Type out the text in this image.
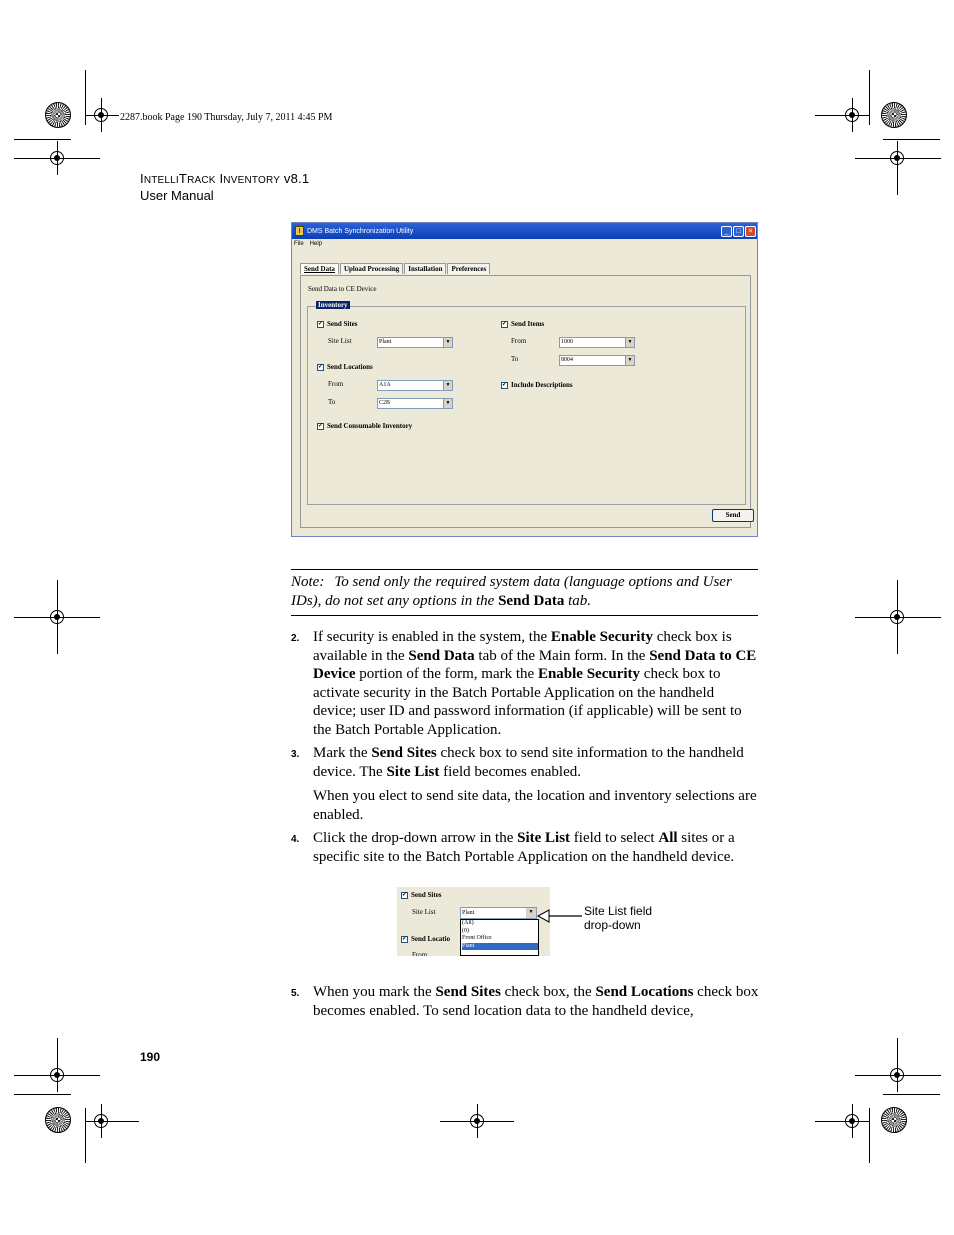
2287.book Page 190 Thursday, July 7, 2011 4:45 PM
INTELLITRACK INVENTORY v8.1
User Manual
I DMS Batch Synchronization Utility	_	□	×
File Help
Send Data	Upload Processing	Installation	Preferences
Send Data to CE Device
Inventory
✓ Send Sites
Site List	Plant	▼
✓ Send Locations
From	A1A	▼
To	C2B	▼
✓ Send Consumable Inventory
✓ Send Items
From	1000	▼
To	8004	▼
✓ Include Descriptions
Send
Note: To send only the required system data (language options and User IDs), do not set any options in the Send Data tab.
2. If security is enabled in the system, the Enable Security check box is available in the Send Data tab of the Main form. In the Send Data to CE Device portion of the form, mark the Enable Security check box to activate security in the Batch Portable Application on the handheld device; user ID and password information (if applicable) will be sent to the Batch Portable Application.
3. Mark the Send Sites check box to send site information to the handheld device. The Site List field becomes enabled.
When you elect to send site data, the location and inventory selections are enabled.
4. Click the drop-down arrow in the Site List field to select All sites or a specific site to the Batch Portable Application on the handheld device.
✓ Send Sites
Site List	Plant	▼
(All)
(0)
Front Office
Plant
✓ Send Locatio
From
Site List field
drop-down
5. When you mark the Send Sites check box, the Send Locations check box becomes enabled. To send location data to the handheld device,
190
